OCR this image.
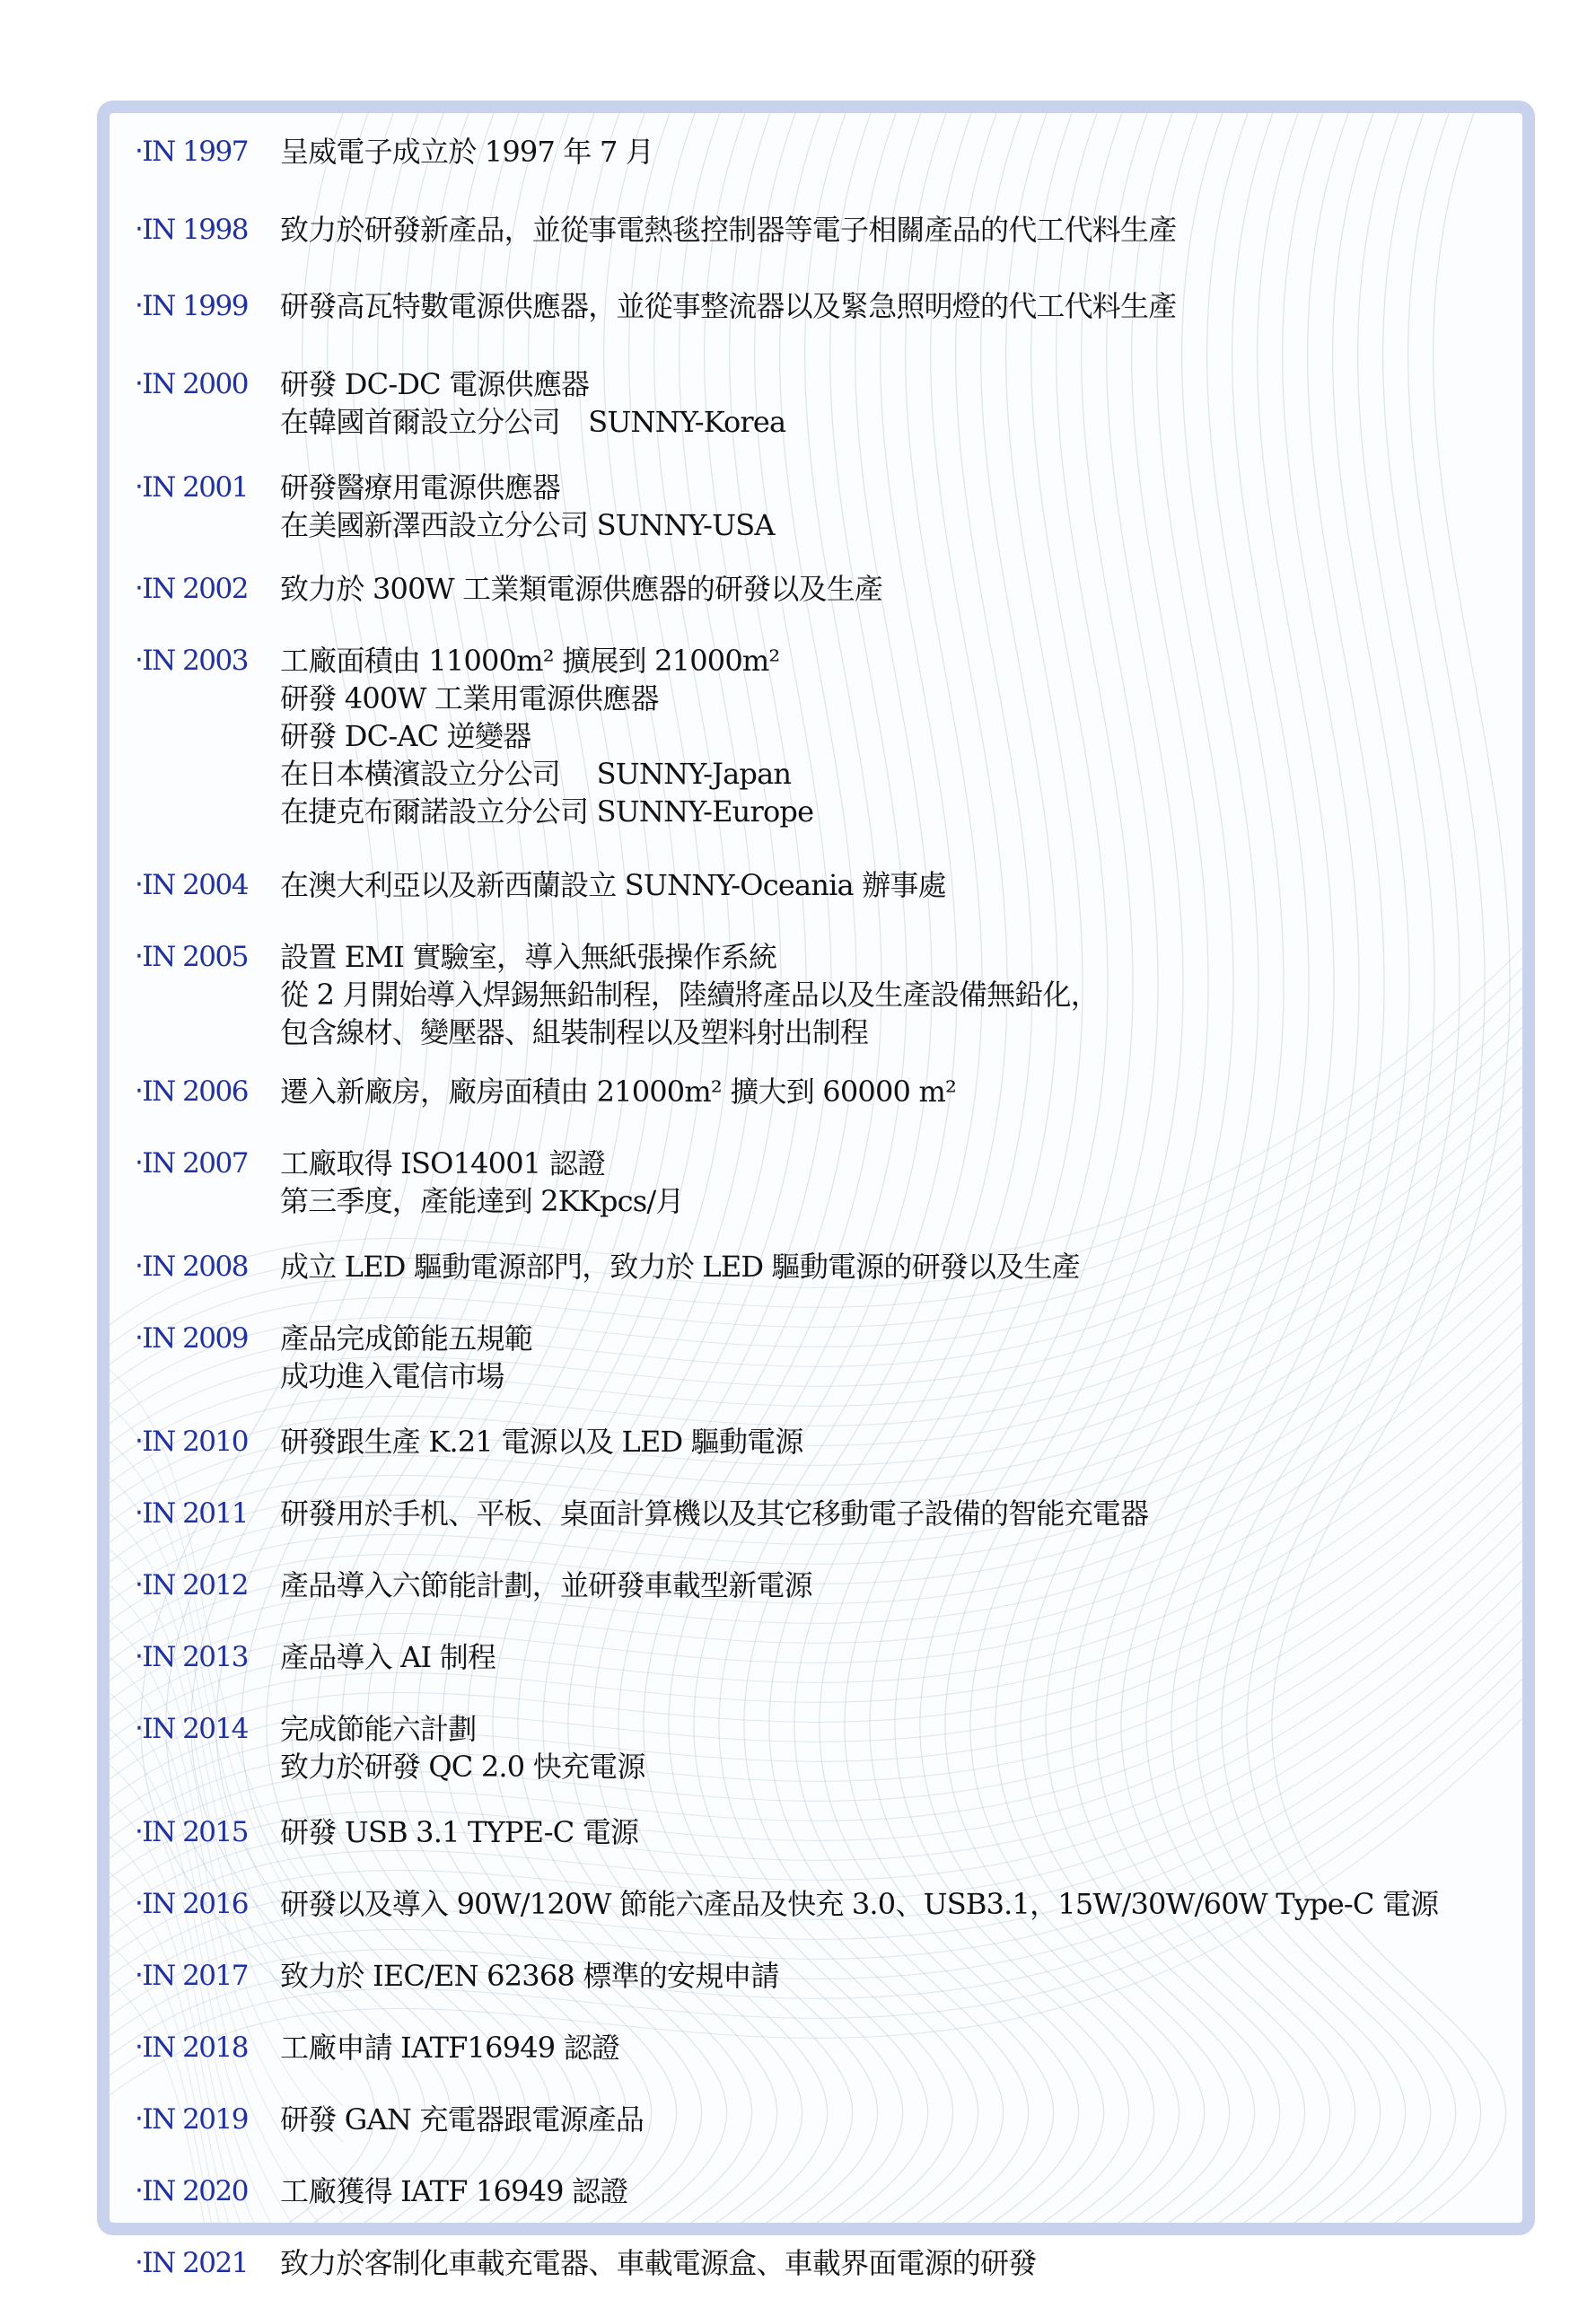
‧IN 1997	呈威電子成立於 1997 年 7 月
‧IN 1998	致力於研發新產品，並從事電熱毯控制器等電子相關產品的代工代料生產
‧IN 1999	研發高瓦特數電源供應器，並從事整流器以及緊急照明燈的代工代料生產
‧IN 2000	研發 DC-DC 電源供應器
在韓國首爾設立分公司　SUNNY-Korea
‧IN 2001	研發醫療用電源供應器
在美國新澤西設立分公司 SUNNY-USA
‧IN 2002	致力於 300W 工業類電源供應器的研發以及生產
‧IN 2003	工廠面積由 11000m² 擴展到 21000m²
研發 400W 工業用電源供應器
研發 DC-AC 逆變器
在日本橫濱設立分公司　 SUNNY-Japan
在捷克布爾諾設立分公司 SUNNY-Europe
‧IN 2004	在澳大利亞以及新西蘭設立 SUNNY-Oceania 辦事處
‧IN 2005	設置 EMI 實驗室，導入無紙張操作系統
從 2 月開始導入焊錫無鉛制程，陸續將產品以及生產設備無鉛化，
包含線材、變壓器、組裝制程以及塑料射出制程
‧IN 2006	遷入新廠房，廠房面積由 21000m² 擴大到 60000 m²
‧IN 2007	工廠取得 ISO14001 認證
第三季度，產能達到 2KKpcs/月
‧IN 2008	成立 LED 驅動電源部門，致力於 LED 驅動電源的研發以及生產
‧IN 2009	產品完成節能五規範
成功進入電信市場
‧IN 2010	研發跟生產 K.21 電源以及 LED 驅動電源
‧IN 2011	研發用於手机、平板、桌面計算機以及其它移動電子設備的智能充電器
‧IN 2012	產品導入六節能計劃，並研發車載型新電源
‧IN 2013	產品導入 AI 制程
‧IN 2014	完成節能六計劃
致力於研發 QC 2.0 快充電源
‧IN 2015	研發 USB 3.1 TYPE-C 電源
‧IN 2016	研發以及導入 90W/120W 節能六產品及快充 3.0、USB3.1，15W/30W/60W Type-C 電源
‧IN 2017	致力於 IEC/EN 62368 標準的安規申請
‧IN 2018	工廠申請 IATF16949 認證
‧IN 2019	研發 GAN 充電器跟電源產品
‧IN 2020	工廠獲得 IATF 16949 認證
‧IN 2021	致力於客制化車載充電器、車載電源盒、車載界面電源的研發
